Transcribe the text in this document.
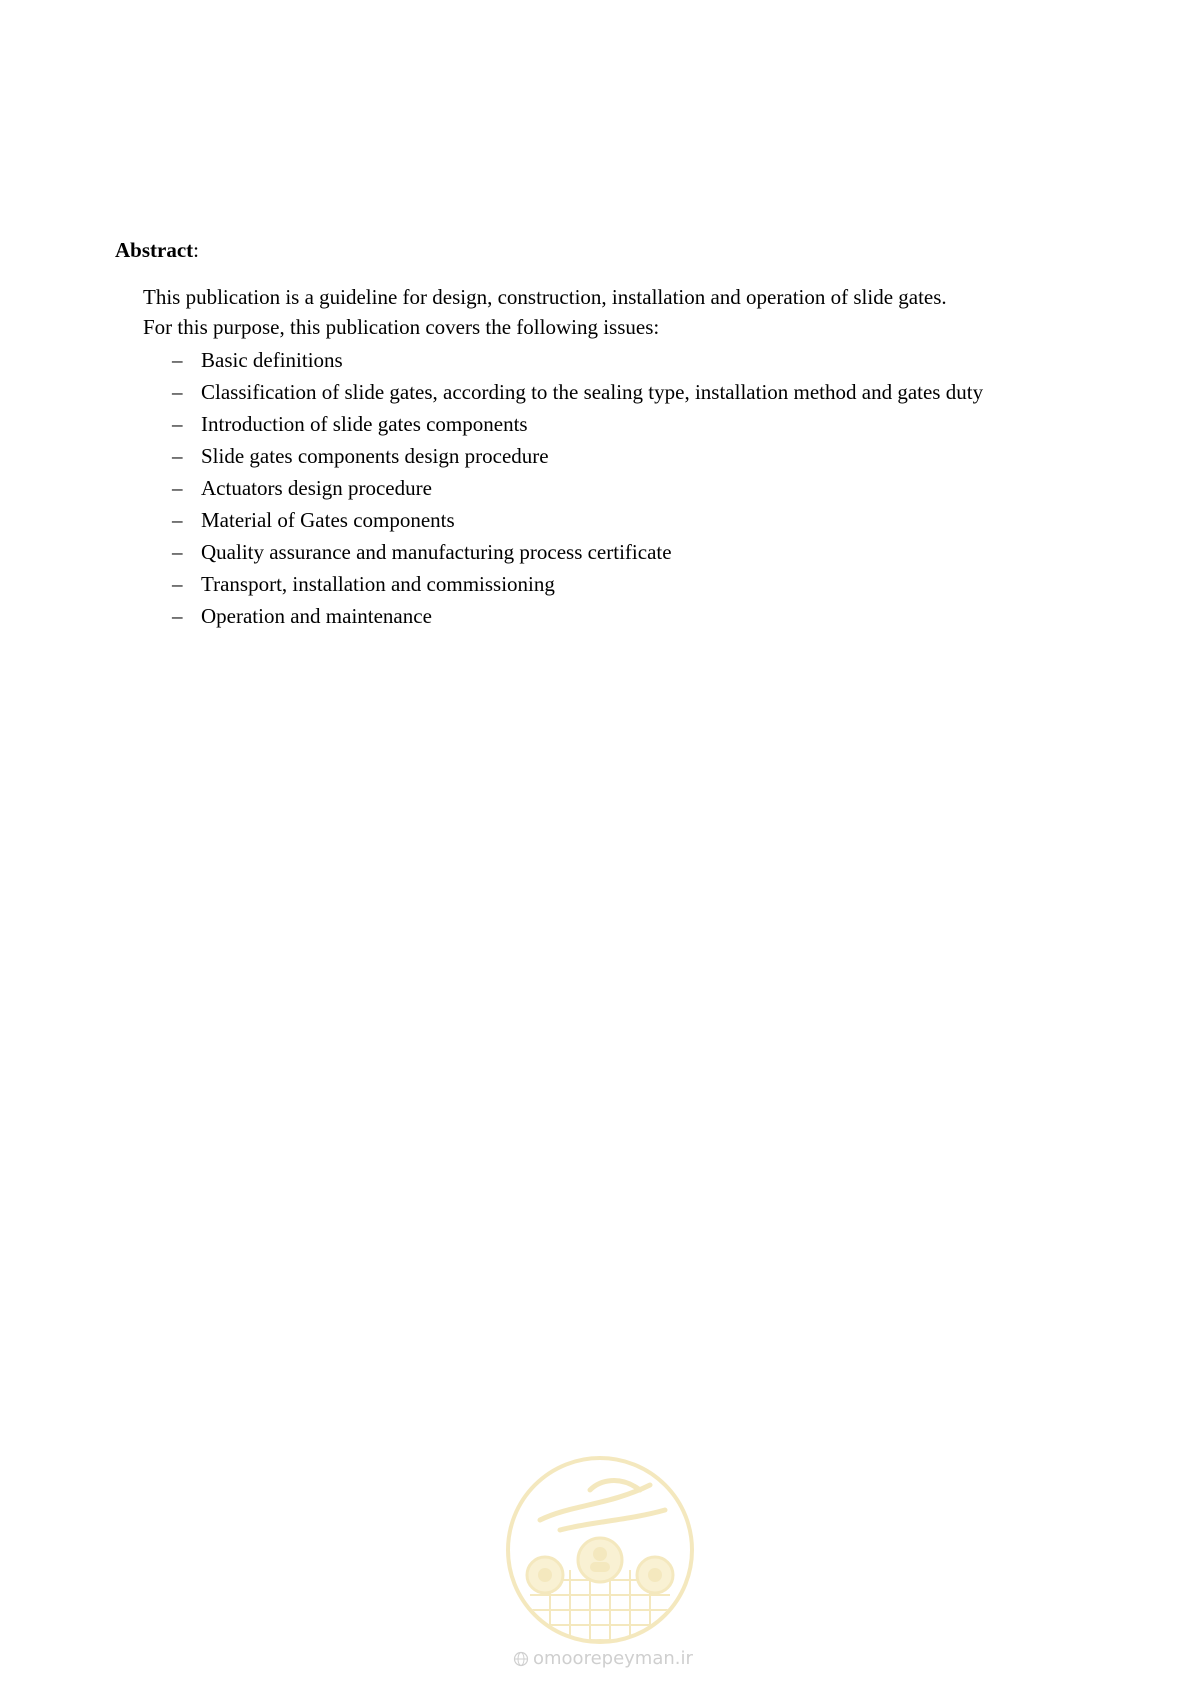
Abstract:

This publication is a guideline for design, construction, installation and operation of slide gates.

For this purpose, this publication covers the following issues:

– Basic definitions
– Classification of slide gates, according to the sealing type, installation method and gates duty
– Introduction of slide gates components
– Slide gates components design procedure
– Actuators design procedure
– Material of Gates components
– Quality assurance and manufacturing process certificate
– Transport, installation and commissioning
– Operation and maintenance
omoorepeyman.ir
